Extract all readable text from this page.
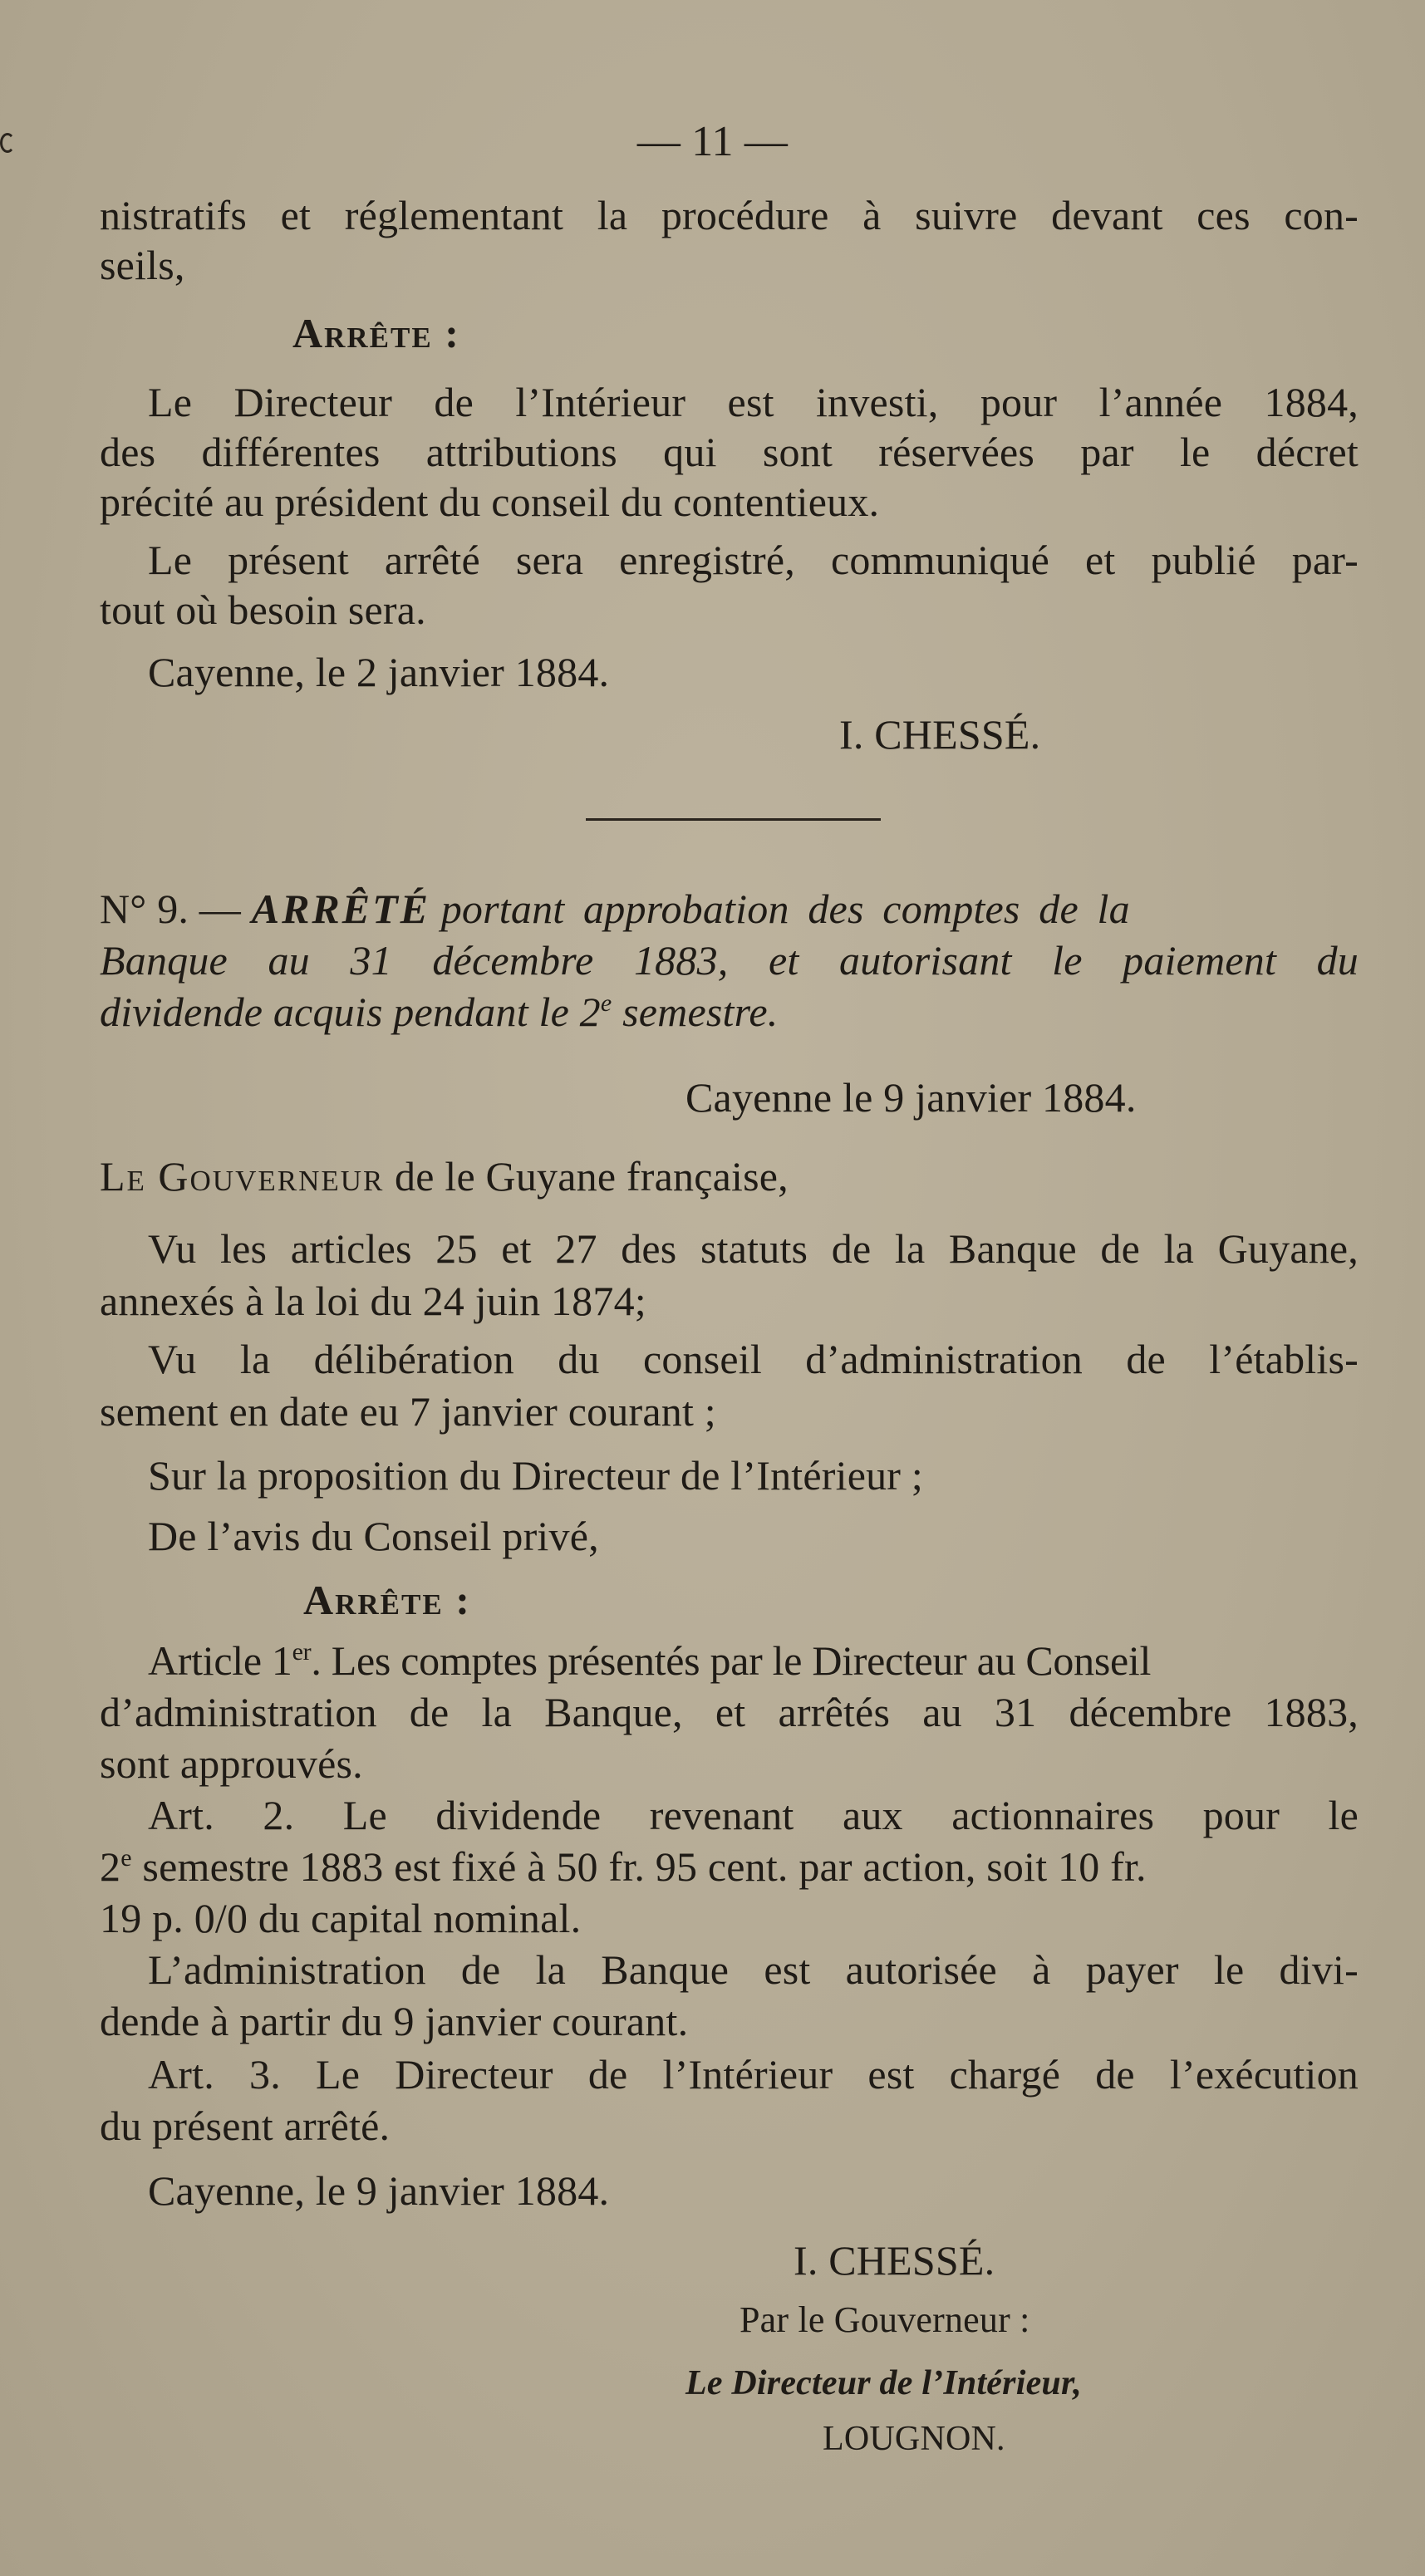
— 11 —
nistratifs et réglementant la procédure à suivre devant ces con-
seils,
Arrête :
Le Directeur de l’Intérieur est investi, pour l’année 1884,
des différentes attributions qui sont réservées par le décret
précité au président du conseil du contentieux.
Le présent arrêté sera enregistré, communiqué et publié par-
tout où besoin sera.
Cayenne, le 2 janvier 1884.
I. CHESSÉ.
N° 9. — ARRÊTÉ portant approbation des comptes de la
Banque au 31 décembre 1883, et autorisant le paiement du
dividende acquis pendant le 2e semestre.
Cayenne le 9 janvier 1884.
Le Gouverneur de le Guyane française,
Vu les articles 25 et 27 des statuts de la Banque de la Guyane,
annexés à la loi du 24 juin 1874;
Vu la délibération du conseil d’administration de l’établis-
sement en date eu 7 janvier courant ;
Sur la proposition du Directeur de l’Intérieur ;
De l’avis du Conseil privé,
Arrête :
Article 1er. Les comptes présentés par le Directeur au Conseil
d’administration de la Banque, et arrêtés au 31 décembre 1883,
sont approuvés.
Art. 2. Le dividende revenant aux actionnaires pour le
2e semestre 1883 est fixé à 50 fr. 95 cent. par action, soit 10 fr.
19 p. 0/0 du capital nominal.
L’administration de la Banque est autorisée à payer le divi-
dende à partir du 9 janvier courant.
Art. 3. Le Directeur de l’Intérieur est chargé de l’exécution
du présent arrêté.
Cayenne, le 9 janvier 1884.
I. CHESSÉ.
Par le Gouverneur :
Le Directeur de l’Intérieur,
LOUGNON.
